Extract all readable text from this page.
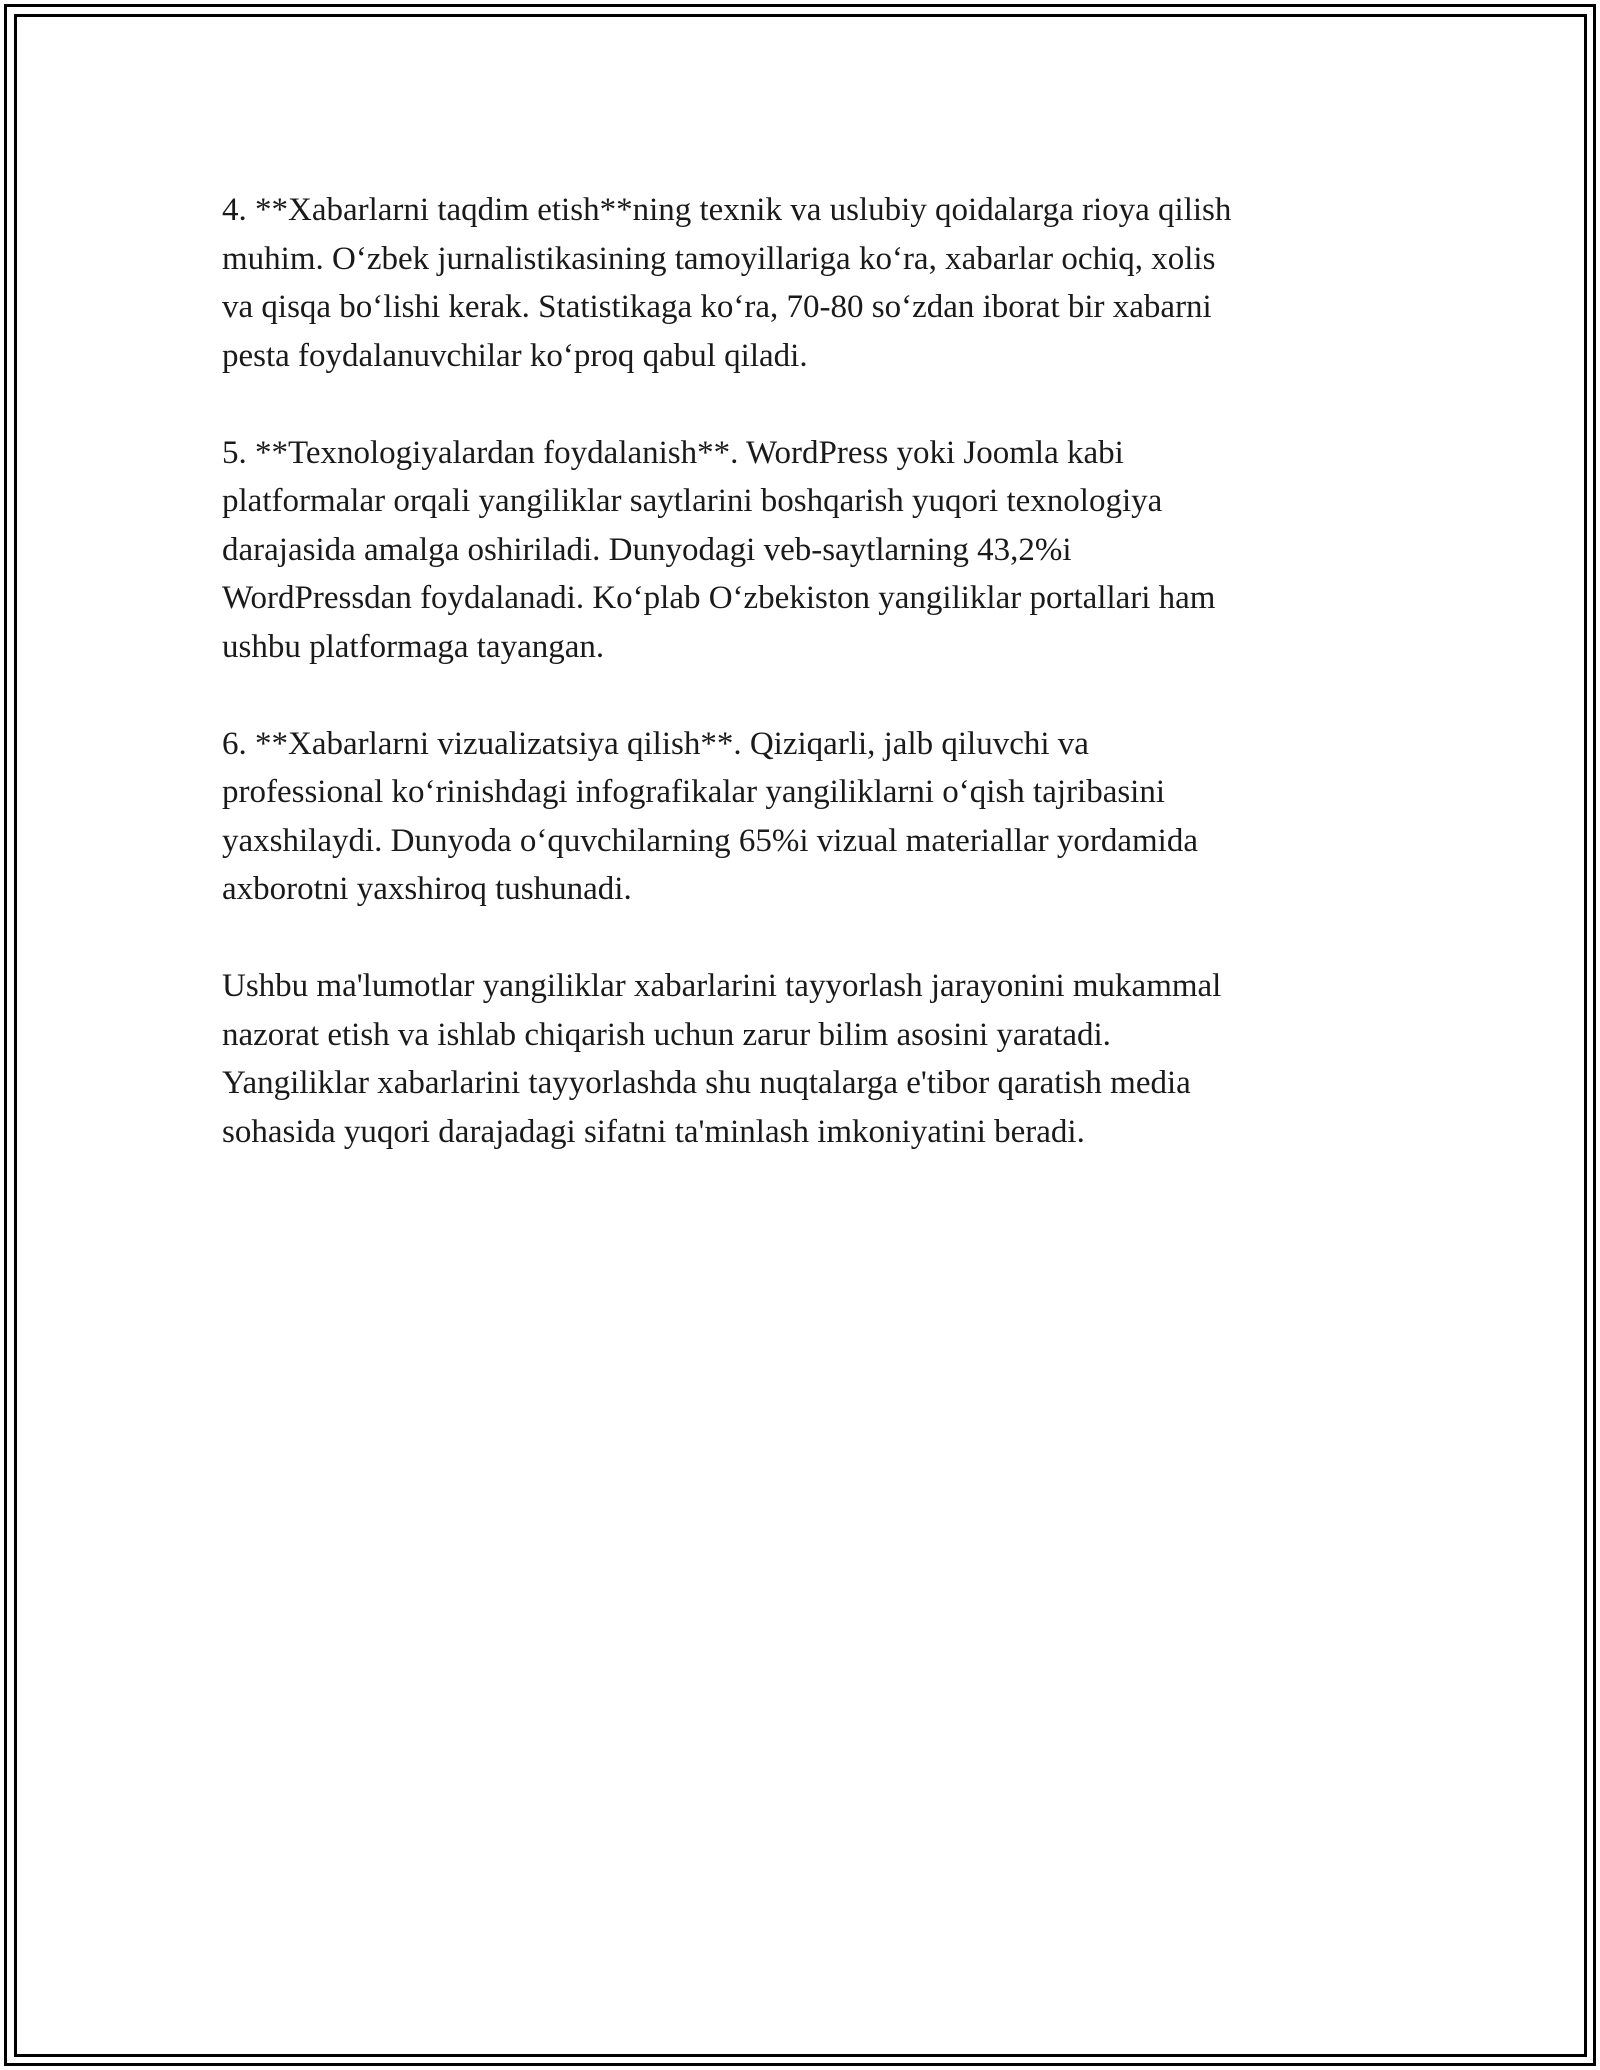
4. **Xabarlarni taqdim etish**ning texnik va uslubiy qoidalarga rioya qilish
muhim. O‘zbek jurnalistikasining tamoyillariga ko‘ra, xabarlar ochiq, xolis
va qisqa bo‘lishi kerak. Statistikaga ko‘ra, 70-80 so‘zdan iborat bir xabarni
pesta foydalanuvchilar ko‘proq qabul qiladi.

5. **Texnologiyalardan foydalanish**. WordPress yoki Joomla kabi
platformalar orqali yangiliklar saytlarini boshqarish yuqori texnologiya
darajasida amalga oshiriladi. Dunyodagi veb-saytlarning 43,2%i
WordPressdan foydalanadi. Ko‘plab O‘zbekiston yangiliklar portallari ham
ushbu platformaga tayangan.

6. **Xabarlarni vizualizatsiya qilish**. Qiziqarli, jalb qiluvchi va
professional ko‘rinishdagi infografikalar yangiliklarni o‘qish tajribasini
yaxshilaydi. Dunyoda o‘quvchilarning 65%i vizual materiallar yordamida
axborotni yaxshiroq tushunadi.

Ushbu ma'lumotlar yangiliklar xabarlarini tayyorlash jarayonini mukammal
nazorat etish va ishlab chiqarish uchun zarur bilim asosini yaratadi.
Yangiliklar xabarlarini tayyorlashda shu nuqtalarga e'tibor qaratish media
sohasida yuqori darajadagi sifatni ta'minlash imkoniyatini beradi.
